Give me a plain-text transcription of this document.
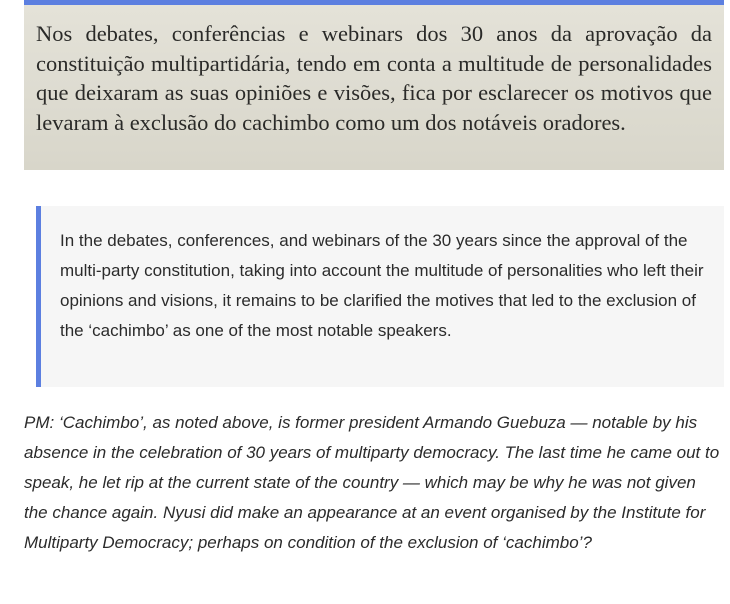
Nos debates, conferências e webinars dos 30 anos da aprovação da constituição multipartidária, tendo em conta a multitude de personalidades que deixaram as suas opiniões e visões, fica por esclarecer os motivos que levaram à exclusão do cachimbo como um dos notáveis oradores.

In the debates, conferences, and webinars of the 30 years since the approval of the multi-party constitution, taking into account the multitude of personalities who left their opinions and visions, it remains to be clarified the motives that led to the exclusion of the ‘cachimbo’ as one of the most notable speakers.

PM: ‘Cachimbo’, as noted above, is former president Armando Guebuza — notable by his absence in the celebration of 30 years of multiparty democracy. The last time he came out to speak, he let rip at the current state of the country — which may be why he was not given the chance again. Nyusi did make an appearance at an event organised by the Institute for Multiparty Democracy; perhaps on condition of the exclusion of ‘cachimbo’?
